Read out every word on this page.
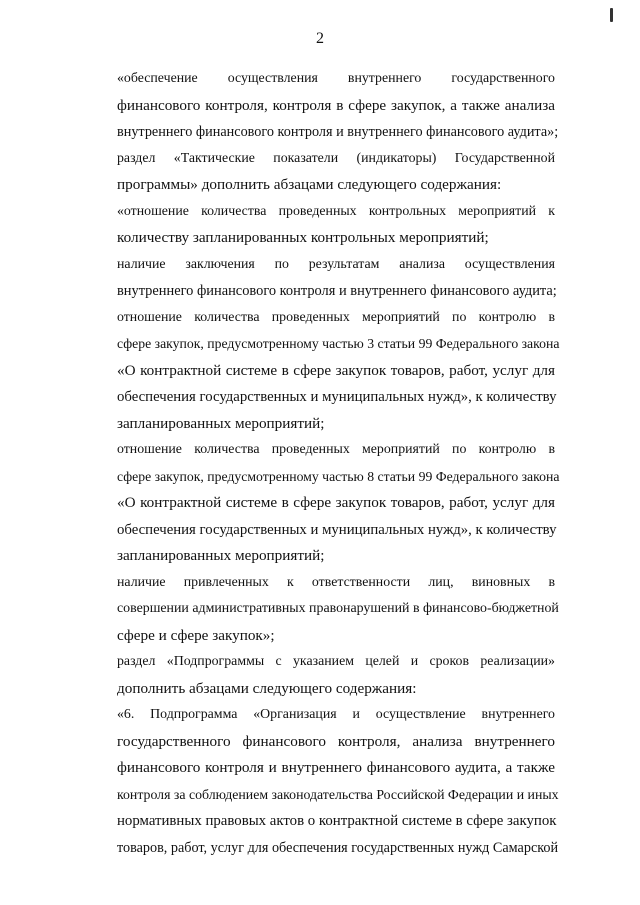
2

«обеспечение осуществления внутреннего государственного
финансового контроля, контроля в сфере закупок, а также анализа
внутреннего финансового контроля и внутреннего финансового аудита»;

раздел «Тактические показатели (индикаторы) Государственной
программы» дополнить абзацами следующего содержания:

«отношение количества проведенных контрольных мероприятий к
количеству запланированных контрольных мероприятий;

наличие заключения по результатам анализа осуществления
внутреннего финансового контроля и внутреннего финансового аудита;

отношение количества проведенных мероприятий по контролю в
сфере закупок, предусмотренному частью 3 статьи 99 Федерального закона
«О контрактной системе в сфере закупок товаров, работ, услуг для
обеспечения государственных и муниципальных нужд», к количеству
запланированных мероприятий;

отношение количества проведенных мероприятий по контролю в
сфере закупок, предусмотренному частью 8 статьи 99 Федерального закона
«О контрактной системе в сфере закупок товаров, работ, услуг для
обеспечения государственных и муниципальных нужд», к количеству
запланированных мероприятий;

наличие привлеченных к ответственности лиц, виновных в
совершении административных правонарушений в финансово-бюджетной
сфере и сфере закупок»;

раздел «Подпрограммы с указанием целей и сроков реализации»
дополнить абзацами следующего содержания:

«6. Подпрограмма «Организация и осуществление внутреннего
государственного финансового контроля, анализа внутреннего
финансового контроля и внутреннего финансового аудита, а также
контроля за соблюдением законодательства Российской Федерации и иных
нормативных правовых актов о контрактной системе в сфере закупок
товаров, работ, услуг для обеспечения государственных нужд Самарской
